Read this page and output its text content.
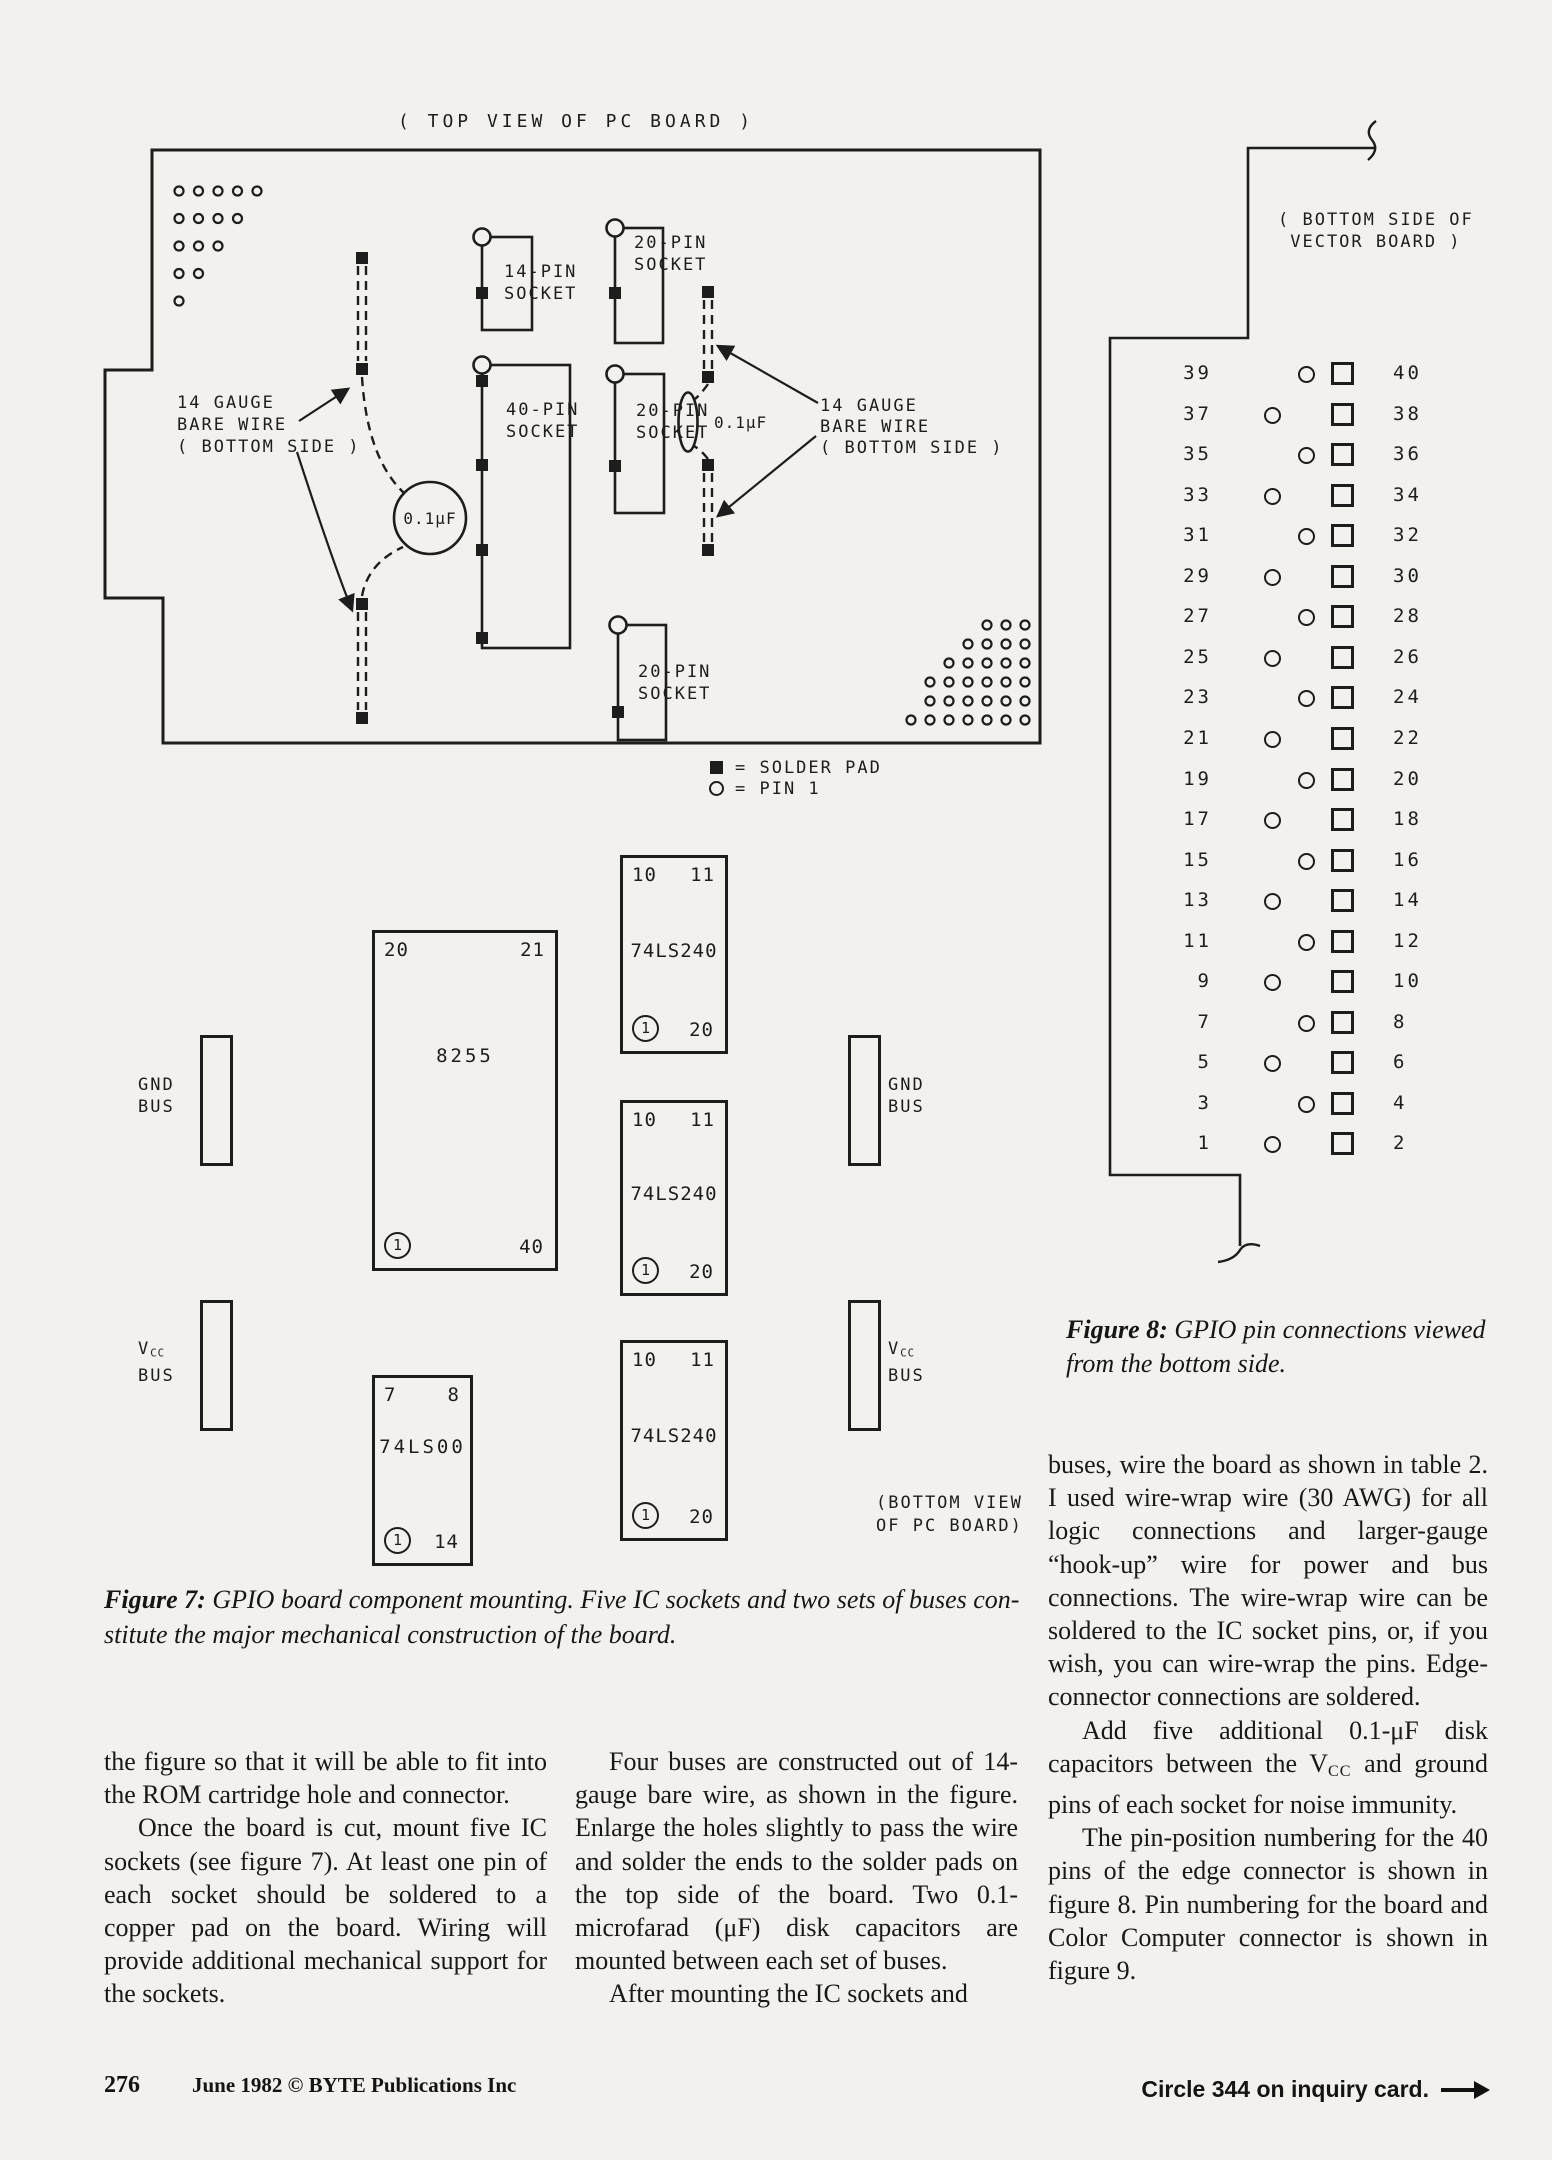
( TOP VIEW OF PC BOARD )
14-PIN
SOCKET
20-PIN
SOCKET
40-PIN
SOCKET
20-PIN
SOCKET
20-PIN
SOCKET
0.1μF
0.1μF
14 GAUGE
BARE WIRE
( BOTTOM SIDE )
14 GAUGE
BARE WIRE
( BOTTOM SIDE )
= SOLDER PAD
= PIN 1
( BOTTOM SIDE OF
VECTOR BOARD )
39	40
37	38
35	36
33	34
31	32
29	30
27	28
25	26
23	24
21	22
19	20
17	18
15	16
13	14
11	12
9	10
7	8
5	6
3	4
1	2
Figure 8: GPIO pin connections viewed
from the bottom side.
20	21
8255
1	40
7	8
74LS00
1	14
10 11
74LS240
1	20
10 11
74LS240
1	20
10 11
74LS240
1	20
GND
BUS
GND
BUS
VCC
BUS
VCC
BUS
(BOTTOM VIEW
OF PC BOARD)
Figure 7: GPIO board component mounting. Five IC sockets and two sets of buses con-
stitute the major mechanical construction of the board.

the figure so that it will be able to fit into the ROM cartridge hole and connector.

Once the board is cut, mount five IC sockets (see figure 7). At least one pin of each socket should be soldered to a copper pad on the board. Wiring will provide additional mechanical support for the sockets.

Four buses are constructed out of 14-gauge bare wire, as shown in the figure. Enlarge the holes slightly to pass the wire and solder the ends to the solder pads on the top side of the board. Two 0.1-microfarad (μF) disk capacitors are mounted between each set of buses.

After mounting the IC sockets and

buses, wire the board as shown in table 2. I used wire-wrap wire (30 AWG) for all logic connections and larger-gauge “hook-up” wire for power and bus connections. The wire-wrap wire can be soldered to the IC socket pins, or, if you wish, you can wire-wrap the pins. Edge-connector connections are soldered.

Add five additional 0.1-μF disk capacitors between the VCC and ground pins of each socket for noise immunity.

The pin-position numbering for the 40 pins of the edge connector is shown in figure 8. Pin numbering for the board and Color Computer connector is shown in figure 9.

276 June 1982 © BYTE Publications Inc	Circle 344 on inquiry card.
